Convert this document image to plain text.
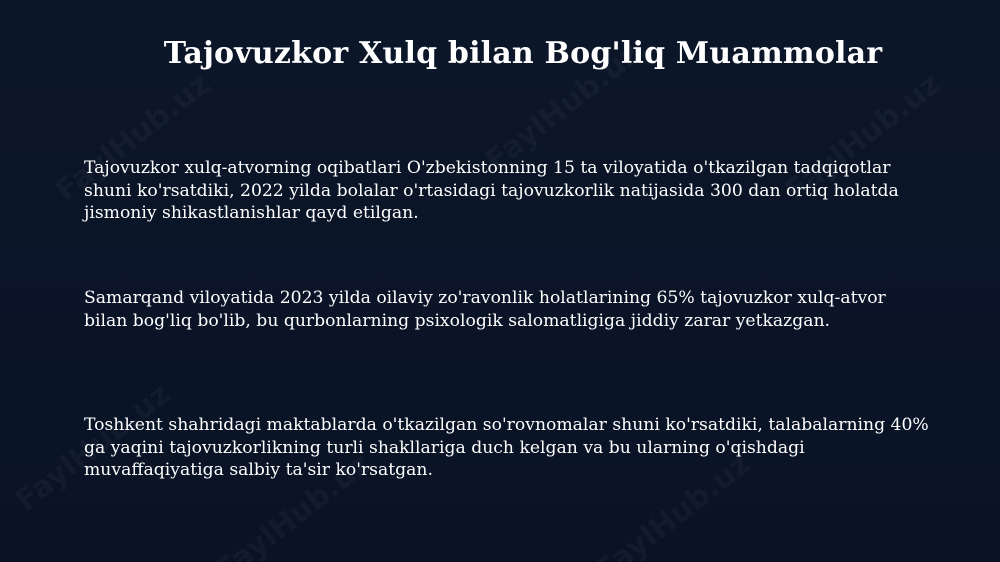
Tajovuzkor Xulq bilan Bog'liq Muammolar
Tajovuzkor xulq-atvorning oqibatlari O'zbekistonning 15 ta viloyatida o'tkazilgan tadqiqotlar
shuni ko'rsatdiki, 2022 yilda bolalar o'rtasidagi tajovuzkorlik natijasida 300 dan ortiq holatda
jismoniy shikastlanishlar qayd etilgan.
Samarqand viloyatida 2023 yilda oilaviy zo'ravonlik holatlarining 65% tajovuzkor xulq-atvor
bilan bog'liq bo'lib, bu qurbonlarning psixologik salomatligiga jiddiy zarar yetkazgan.
Toshkent shahridagi maktablarda o'tkazilgan so'rovnomalar shuni ko'rsatdiki, talabalarning 40%
ga yaqini tajovuzkorlikning turli shakllariga duch kelgan va bu ularning o'qishdagi
muvaffaqiyatiga salbiy ta'sir ko'rsatgan.
